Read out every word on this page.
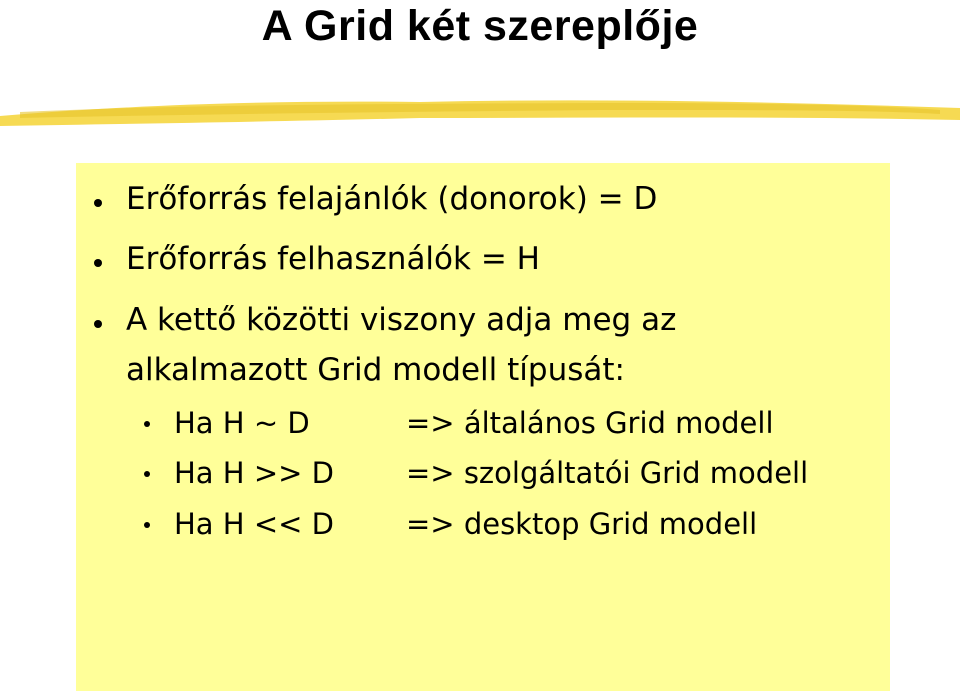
A Grid két szereplője
Erőforrás felajánlók (donorok) = D
Erőforrás felhasználók = H
A kettő közötti viszony adja meg az
alkalmazott Grid modell típusát:
Ha H ~ D	=> általános Grid modell
Ha H >> D => szolgáltatói Grid modell
Ha H << D => desktop Grid modell
